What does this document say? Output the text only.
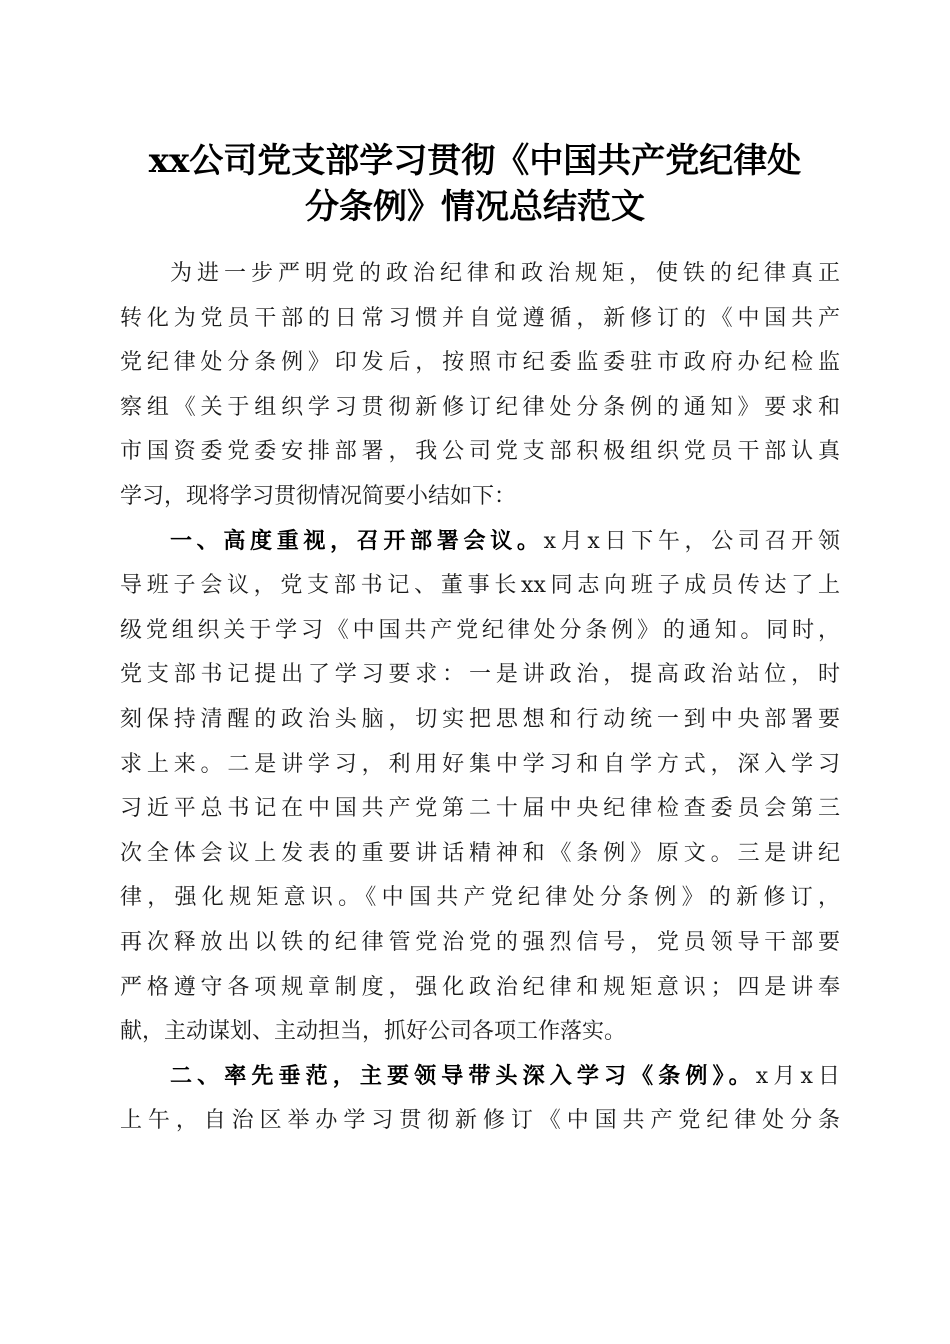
xx公司党支部学习贯彻《中国共产党纪律处
分条例》情况总结范文
为进一步严明党的政治纪律和政治规矩，使铁的纪律真正
转化为党员干部的日常习惯并自觉遵循，新修订的《中国共产
党纪律处分条例》印发后，按照市纪委监委驻市政府办纪检监
察组《关于组织学习贯彻新修订纪律处分条例的通知》要求和
市国资委党委安排部署，我公司党支部积极组织党员干部认真
学习，现将学习贯彻情况简要小结如下：
一、高度重视，召开部署会议。x月x日下午，公司召开领
导班子会议，党支部书记、董事长xx同志向班子成员传达了上
级党组织关于学习《中国共产党纪律处分条例》的通知。同时，
党支部书记提出了学习要求：一是讲政治，提高政治站位，时
刻保持清醒的政治头脑，切实把思想和行动统一到中央部署要
求上来。二是讲学习，利用好集中学习和自学方式，深入学习
习近平总书记在中国共产党第二十届中央纪律检查委员会第三
次全体会议上发表的重要讲话精神和《条例》原文。三是讲纪
律，强化规矩意识。《中国共产党纪律处分条例》的新修订，
再次释放出以铁的纪律管党治党的强烈信号，党员领导干部要
严格遵守各项规章制度，强化政治纪律和规矩意识；四是讲奉
献，主动谋划、主动担当，抓好公司各项工作落实。
二、率先垂范，主要领导带头深入学习《条例》。x月x日
上午，自治区举办学习贯彻新修订《中国共产党纪律处分条
